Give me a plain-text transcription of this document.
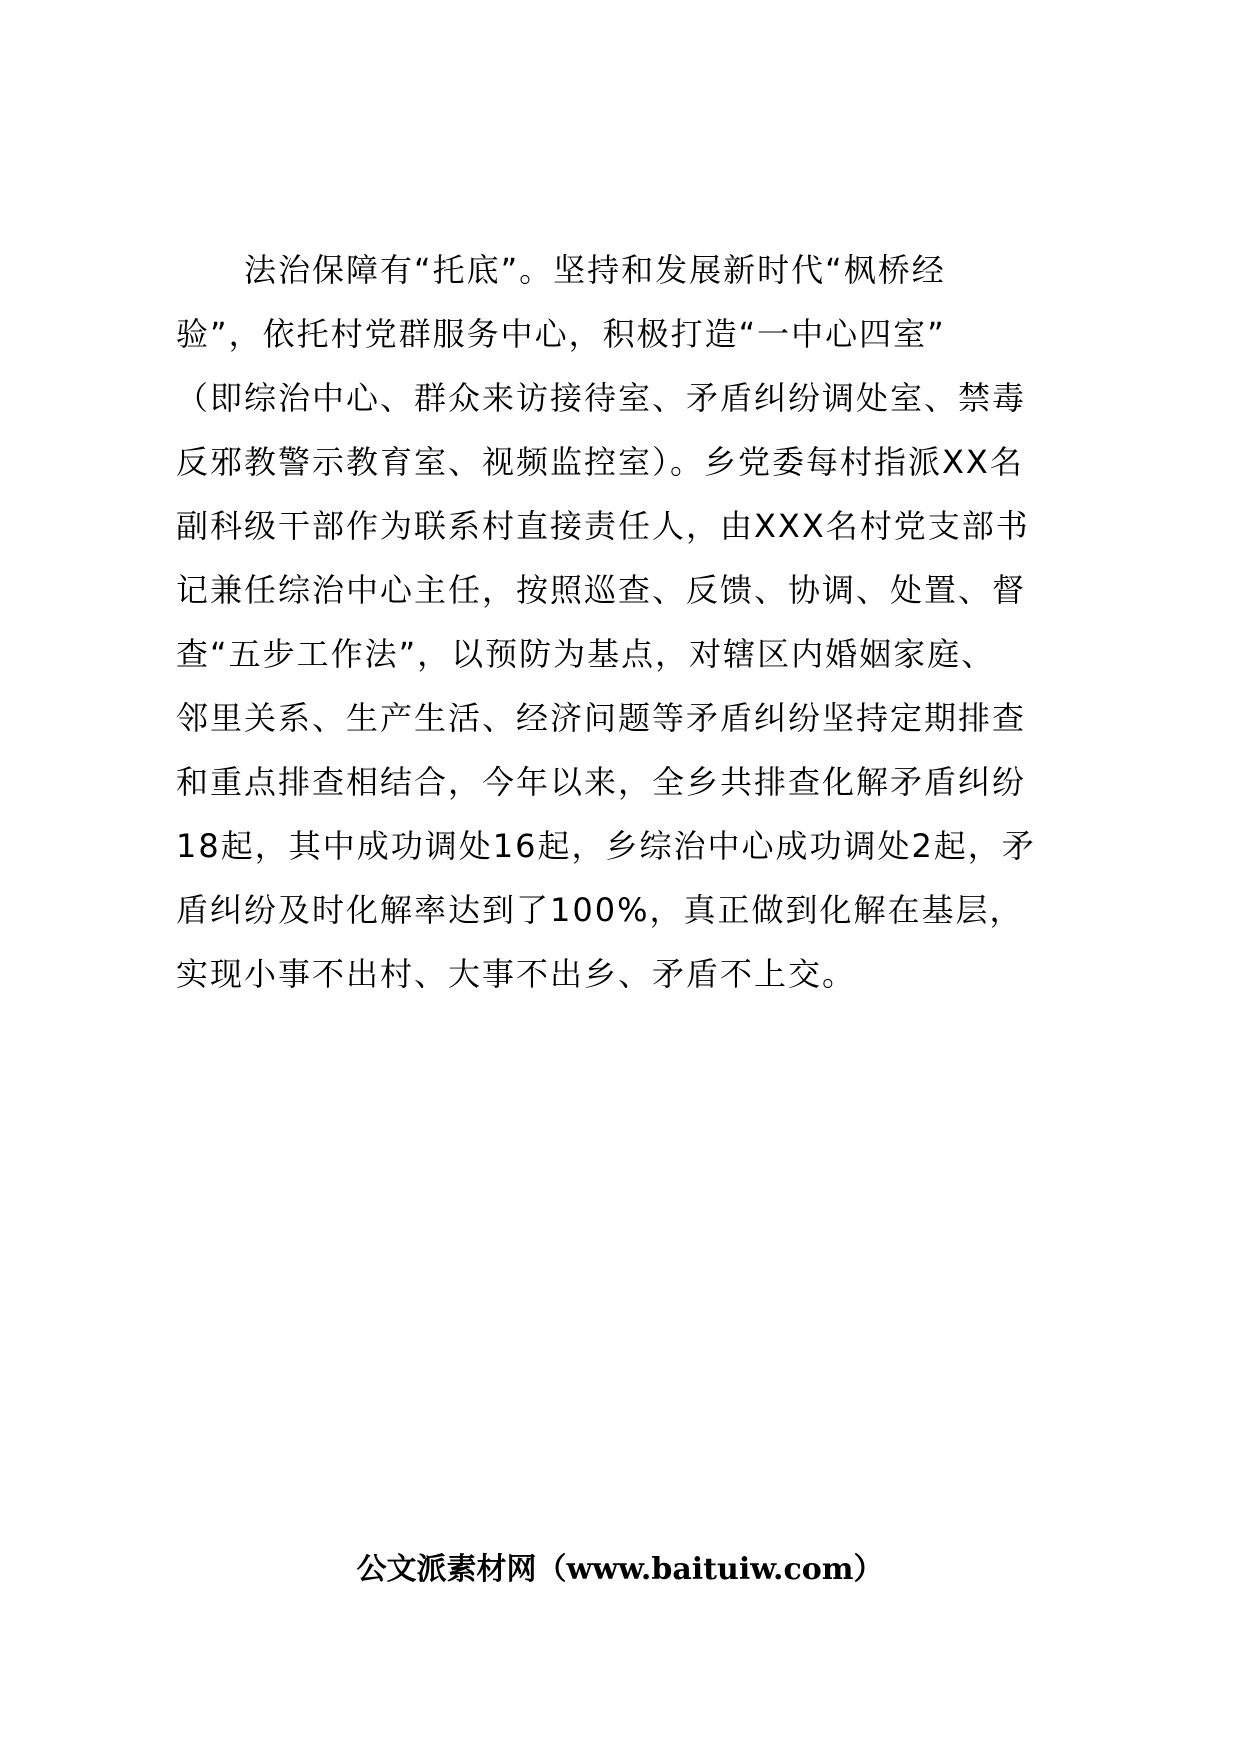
　　法治保障有“托底”。坚持和发展新时代“枫桥经
验”，依托村党群服务中心，积极打造“一中心四室”
（即综治中心、群众来访接待室、矛盾纠纷调处室、禁毒
反邪教警示教育室、视频监控室）。乡党委每村指派XX名
副科级干部作为联系村直接责任人，由XXX名村党支部书
记兼任综治中心主任，按照巡查、反馈、协调、处置、督
查“五步工作法”，以预防为基点，对辖区内婚姻家庭、
邻里关系、生产生活、经济问题等矛盾纠纷坚持定期排查
和重点排查相结合，今年以来，全乡共排查化解矛盾纠纷
18起，其中成功调处16起，乡综治中心成功调处2起，矛
盾纠纷及时化解率达到了100%，真正做到化解在基层，
实现小事不出村、大事不出乡、矛盾不上交。
公文派素材网（www.baituiw.com）
